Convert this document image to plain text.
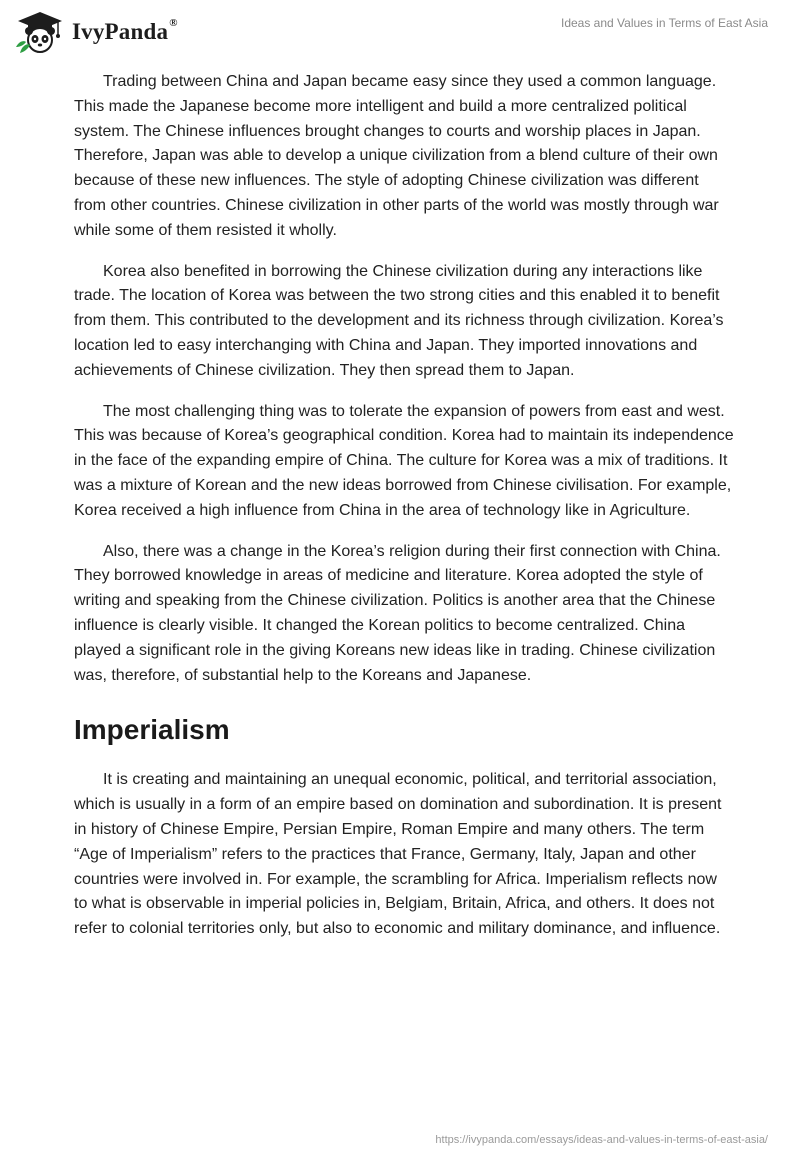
IvyPanda®	Ideas and Values in Terms of East Asia

Trading between China and Japan became easy since they used a common language. This made the Japanese become more intelligent and build a more centralized political system. The Chinese influences brought changes to courts and worship places in Japan. Therefore, Japan was able to develop a unique civilization from a blend culture of their own because of these new influences. The style of adopting Chinese civilization was different from other countries. Chinese civilization in other parts of the world was mostly through war while some of them resisted it wholly.

Korea also benefited in borrowing the Chinese civilization during any interactions like trade. The location of Korea was between the two strong cities and this enabled it to benefit from them. This contributed to the development and its richness through civilization. Korea’s location led to easy interchanging with China and Japan. They imported innovations and achievements of Chinese civilization. They then spread them to Japan.

The most challenging thing was to tolerate the expansion of powers from east and west. This was because of Korea’s geographical condition. Korea had to maintain its independence in the face of the expanding empire of China. The culture for Korea was a mix of traditions. It was a mixture of Korean and the new ideas borrowed from Chinese civilisation. For example, Korea received a high influence from China in the area of technology like in Agriculture.

Also, there was a change in the Korea’s religion during their first connection with China. They borrowed knowledge in areas of medicine and literature. Korea adopted the style of writing and speaking from the Chinese civilization. Politics is another area that the Chinese influence is clearly visible. It changed the Korean politics to become centralized. China played a significant role in the giving Koreans new ideas like in trading. Chinese civilization was, therefore, of substantial help to the Koreans and Japanese.

Imperialism

It is creating and maintaining an unequal economic, political, and territorial association, which is usually in a form of an empire based on domination and subordination. It is present in history of Chinese Empire, Persian Empire, Roman Empire and many others. The term “Age of Imperialism” refers to the practices that France, Germany, Italy, Japan and other countries were involved in. For example, the scrambling for Africa. Imperialism reflects now to what is observable in imperial policies in, Belgiam, Britain, Africa, and others. It does not refer to colonial territories only, but also to economic and military dominance, and influence.

https://ivypanda.com/essays/ideas-and-values-in-terms-of-east-asia/
